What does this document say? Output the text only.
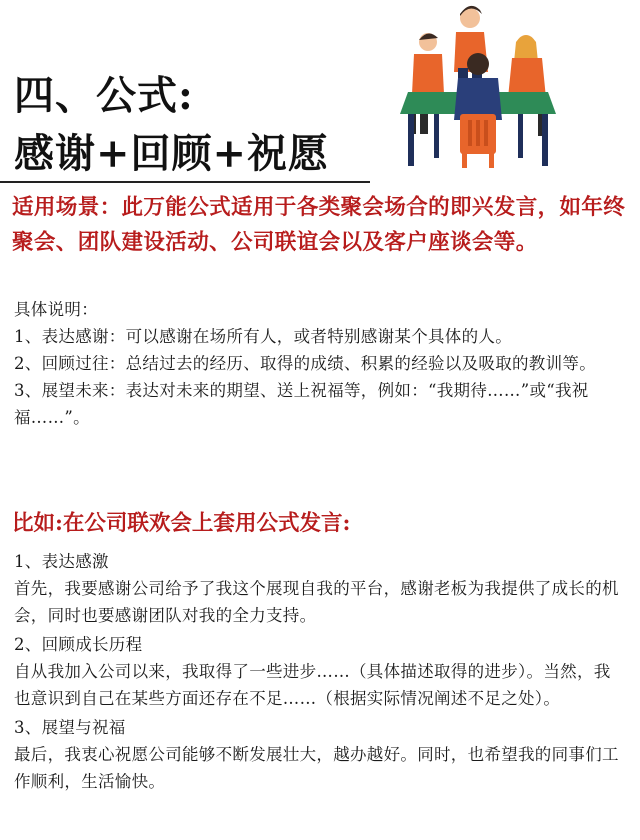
四、公式:
感谢+回顾+祝愿

适用场景：此万能公式适用于各类聚会场合的即兴发言，如年终聚会、团队建设活动、公司联谊会以及客户座谈会等。

具体说明：
1、表达感谢：可以感谢在场所有人，或者特别感谢某个具体的人。
2、回顾过往：总结过去的经历、取得的成绩、积累的经验以及吸取的教训等。
3、展望未来：表达对未来的期望、送上祝福等，例如：“我期待……”或“我祝福……”。
比如:在公司联欢会上套用公式发言:
1、表达感激
首先，我要感谢公司给予了我这个展现自我的平台，感谢老板为我提供了成长的机会，同时也要感谢团队对我的全力支持。
2、回顾成长历程
自从我加入公司以来，我取得了一些进步……（具体描述取得的进步）。当然，我也意识到自己在某些方面还存在不足……（根据实际情况阐述不足之处）。
3、展望与祝福
最后，我衷心祝愿公司能够不断发展壮大，越办越好。同时，也希望我的同事们工作顺利，生活愉快。
